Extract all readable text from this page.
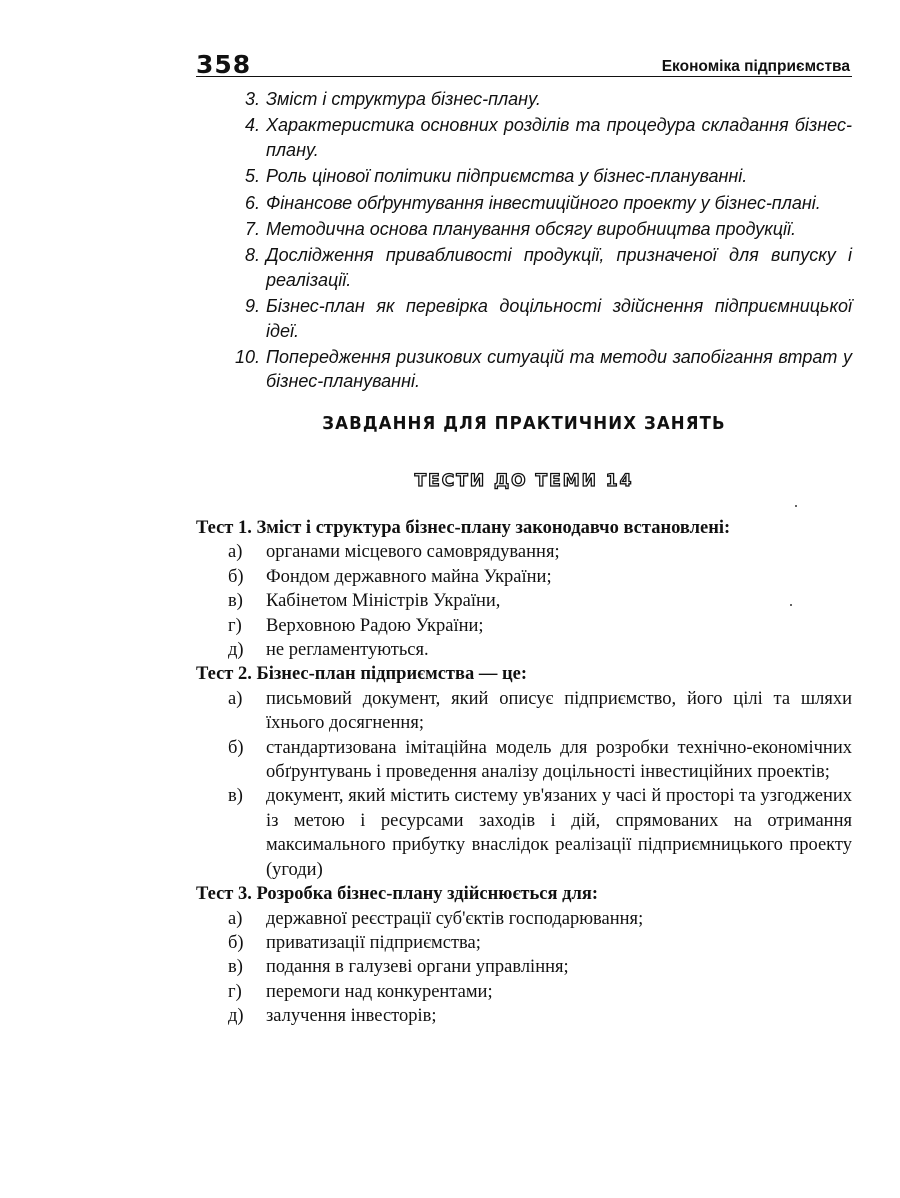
358	Економіка підприємства
3. Зміст і структура бізнес-плану.
4. Характеристика основних розділів та процедура складання бізнес-плану.
5. Роль цінової політики підприємства у бізнес-плануванні.
6. Фінансове обґрунтування інвестиційного проекту у бізнес-плані.
7. Методична основа планування обсягу виробництва продукції.
8. Дослідження привабливості продукції, призначеної для випуску і реалізації.
9. Бізнес-план як перевірка доцільності здійснення підприємницької ідеї.
10. Попередження ризикових ситуацій та методи запобігання втрат у бізнес-плануванні.
ЗАВДАННЯ ДЛЯ ПРАКТИЧНИХ ЗАНЯТЬ
ТЕСТИ ДО ТЕМИ 14

Тест 1. Зміст і структура бізнес-плану законодавчо встановлені:

а)	органами місцевого самоврядування;
б)	Фондом державного майна України;
в)	Кабінетом Міністрів України,
г)	Верховною Радою України;
д)	не регламентуються.

Тест 2. Бізнес-план підприємства — це:

а)	письмовий документ, який описує підприємство, його цілі та шляхи їхнього досягнення;
б)	стандартизована імітаційна модель для розробки технічно-економічних обґрунтувань і проведення аналізу доцільності інвестиційних проектів;
в)	документ, який містить систему ув'язаних у часі й просторі та узгоджених із метою і ресурсами заходів і дій, спрямованих на отримання максимального прибутку внаслідок реалізації підприємницького проекту (угоди)

Тест 3. Розробка бізнес-плану здійснюється для:

а)	державної реєстрації суб'єктів господарювання;
б)	приватизації підприємства;
в)	подання в галузеві органи управління;
г)	перемоги над конкурентами;
д)	залучення інвесторів;
